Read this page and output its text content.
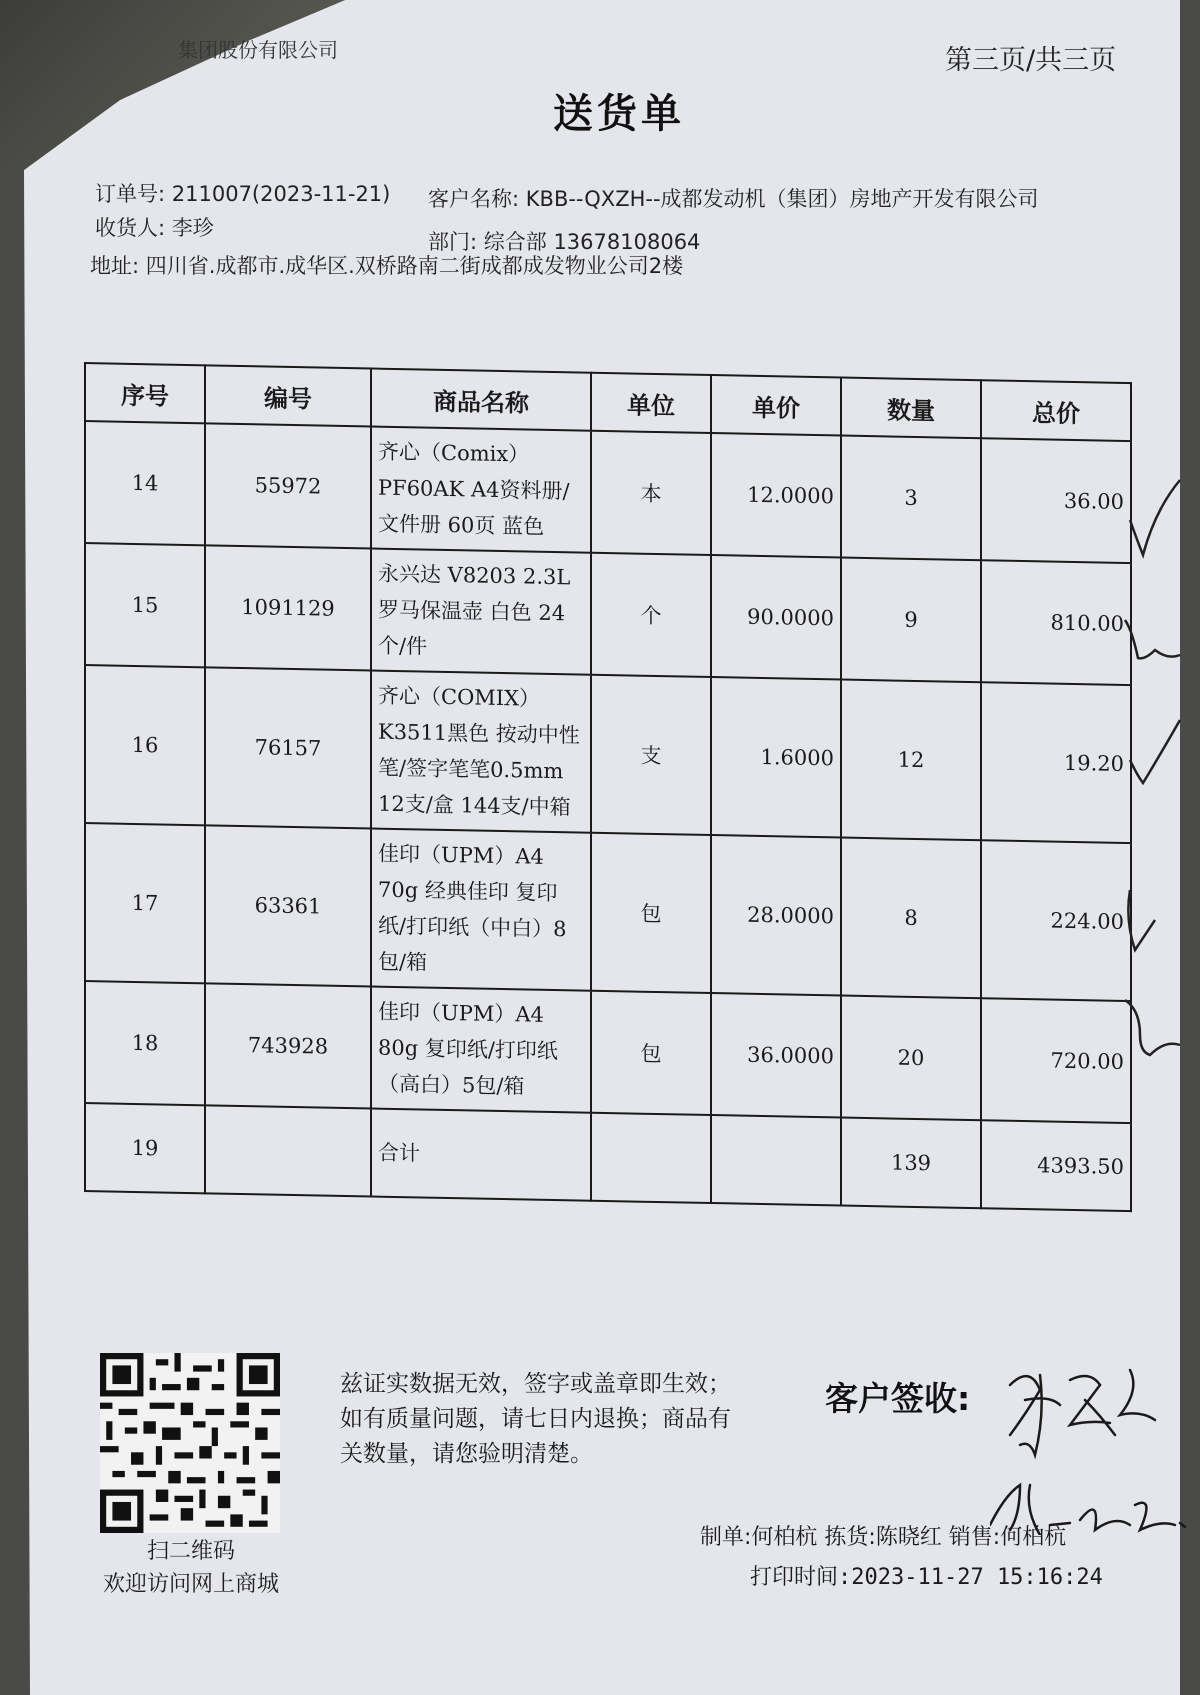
集团股份有限公司	第三页/共三页
送货单
订单号: 211007(2023-11-21)
收货人: 李珍
地址: 四川省.成都市.成华区.双桥路南二街成都成发物业公司2楼
客户名称: KBB--QXZH--成都发动机（集团）房地产开发有限公司
部门: 综合部 13678108064
序号	编号	商品名称	单位	单价	数量	总价
14	55972	齐心（Comix）PF60AK A4资料册/文件册 60页 蓝色	本	12.0000	3	36.00
15	1091129	永兴达 V8203 2.3L罗马保温壶 白色 24个/件	个	90.0000	9	810.00
16	76157	齐心（COMIX）K3511黑色 按动中性笔/签字笔笔0.5mm 12支/盒 144支/中箱	支	1.6000	12	19.20
17	63361	佳印（UPM）A4 70g 经典佳印 复印纸/打印纸（中白）8包/箱	包	28.0000	8	224.00
18	743928	佳印（UPM）A4 80g 复印纸/打印纸（高白）5包/箱	包	36.0000	20	720.00
19		合计			139	4393.50
扫二维码
欢迎访问网上商城
兹证实数据无效，签字或盖章即生效；如有质量问题，请七日内退换；商品有关数量，请您验明清楚。
客户签收:
制单:何柏杭 拣货:陈晓红 销售:何柏杭
打印时间:2023-11-27 15:16:24
